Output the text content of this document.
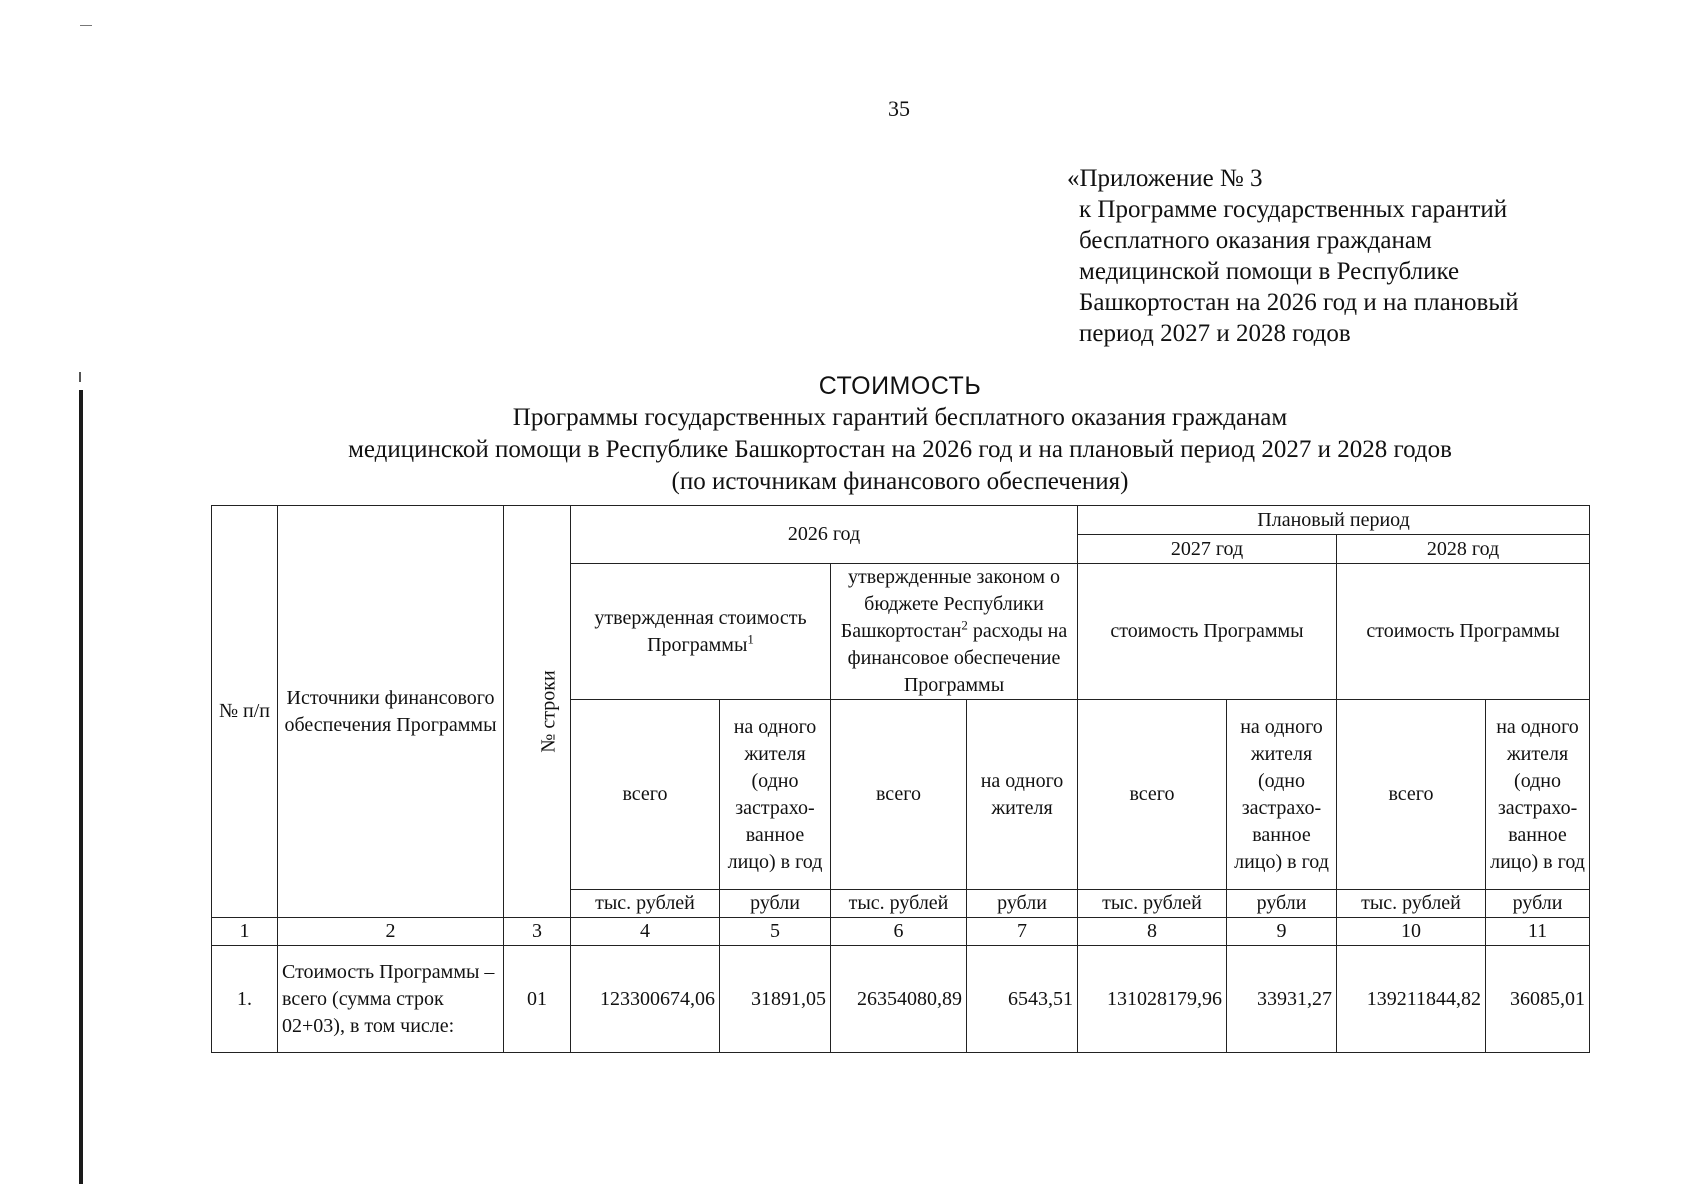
35
«Приложение № 3
к Программе государственных гарантий
бесплатного оказания гражданам
медицинской помощи в Республике
Башкортостан на 2026 год и на плановый
период 2027 и 2028 годов
СТОИМОСТЬ
Программы государственных гарантий бесплатного оказания гражданам
медицинской помощи в Республике Башкортостан на 2026 год и на плановый период 2027 и 2028 годов
(по источникам финансового обеспечения)
№ п/п	Источники финансового обеспечения Программы	№ строки	2026 год				Плановый период			
							2027 год		2028 год	
			утвержденная стоимость Программы$^1$		утвержденные законом о бюджете Республики Башкортостан$^2$ расходы на финансовое обеспечение Программы		стоимость Программы		стоимость Программы	
			всего	на одного жителя (одно застрахо-ванное лицо) в год	всего	на одного жителя	всего	на одного жителя (одно застрахо-ванное лицо) в год	всего	на одного жителя (одно застрахо-ванное лицо) в год
			тыс. рублей	рубли	тыс. рублей	рубли	тыс. рублей	рубли	тыс. рублей	рубли
1	2	3	4	5	6	7	8	9	10	11
1.	Стоимость Программы – всего (сумма строк 02+03), в том числе:	01	123300674,06	31891,05	26354080,89	6543,51	131028179,96	33931,27	139211844,82	36085,01
